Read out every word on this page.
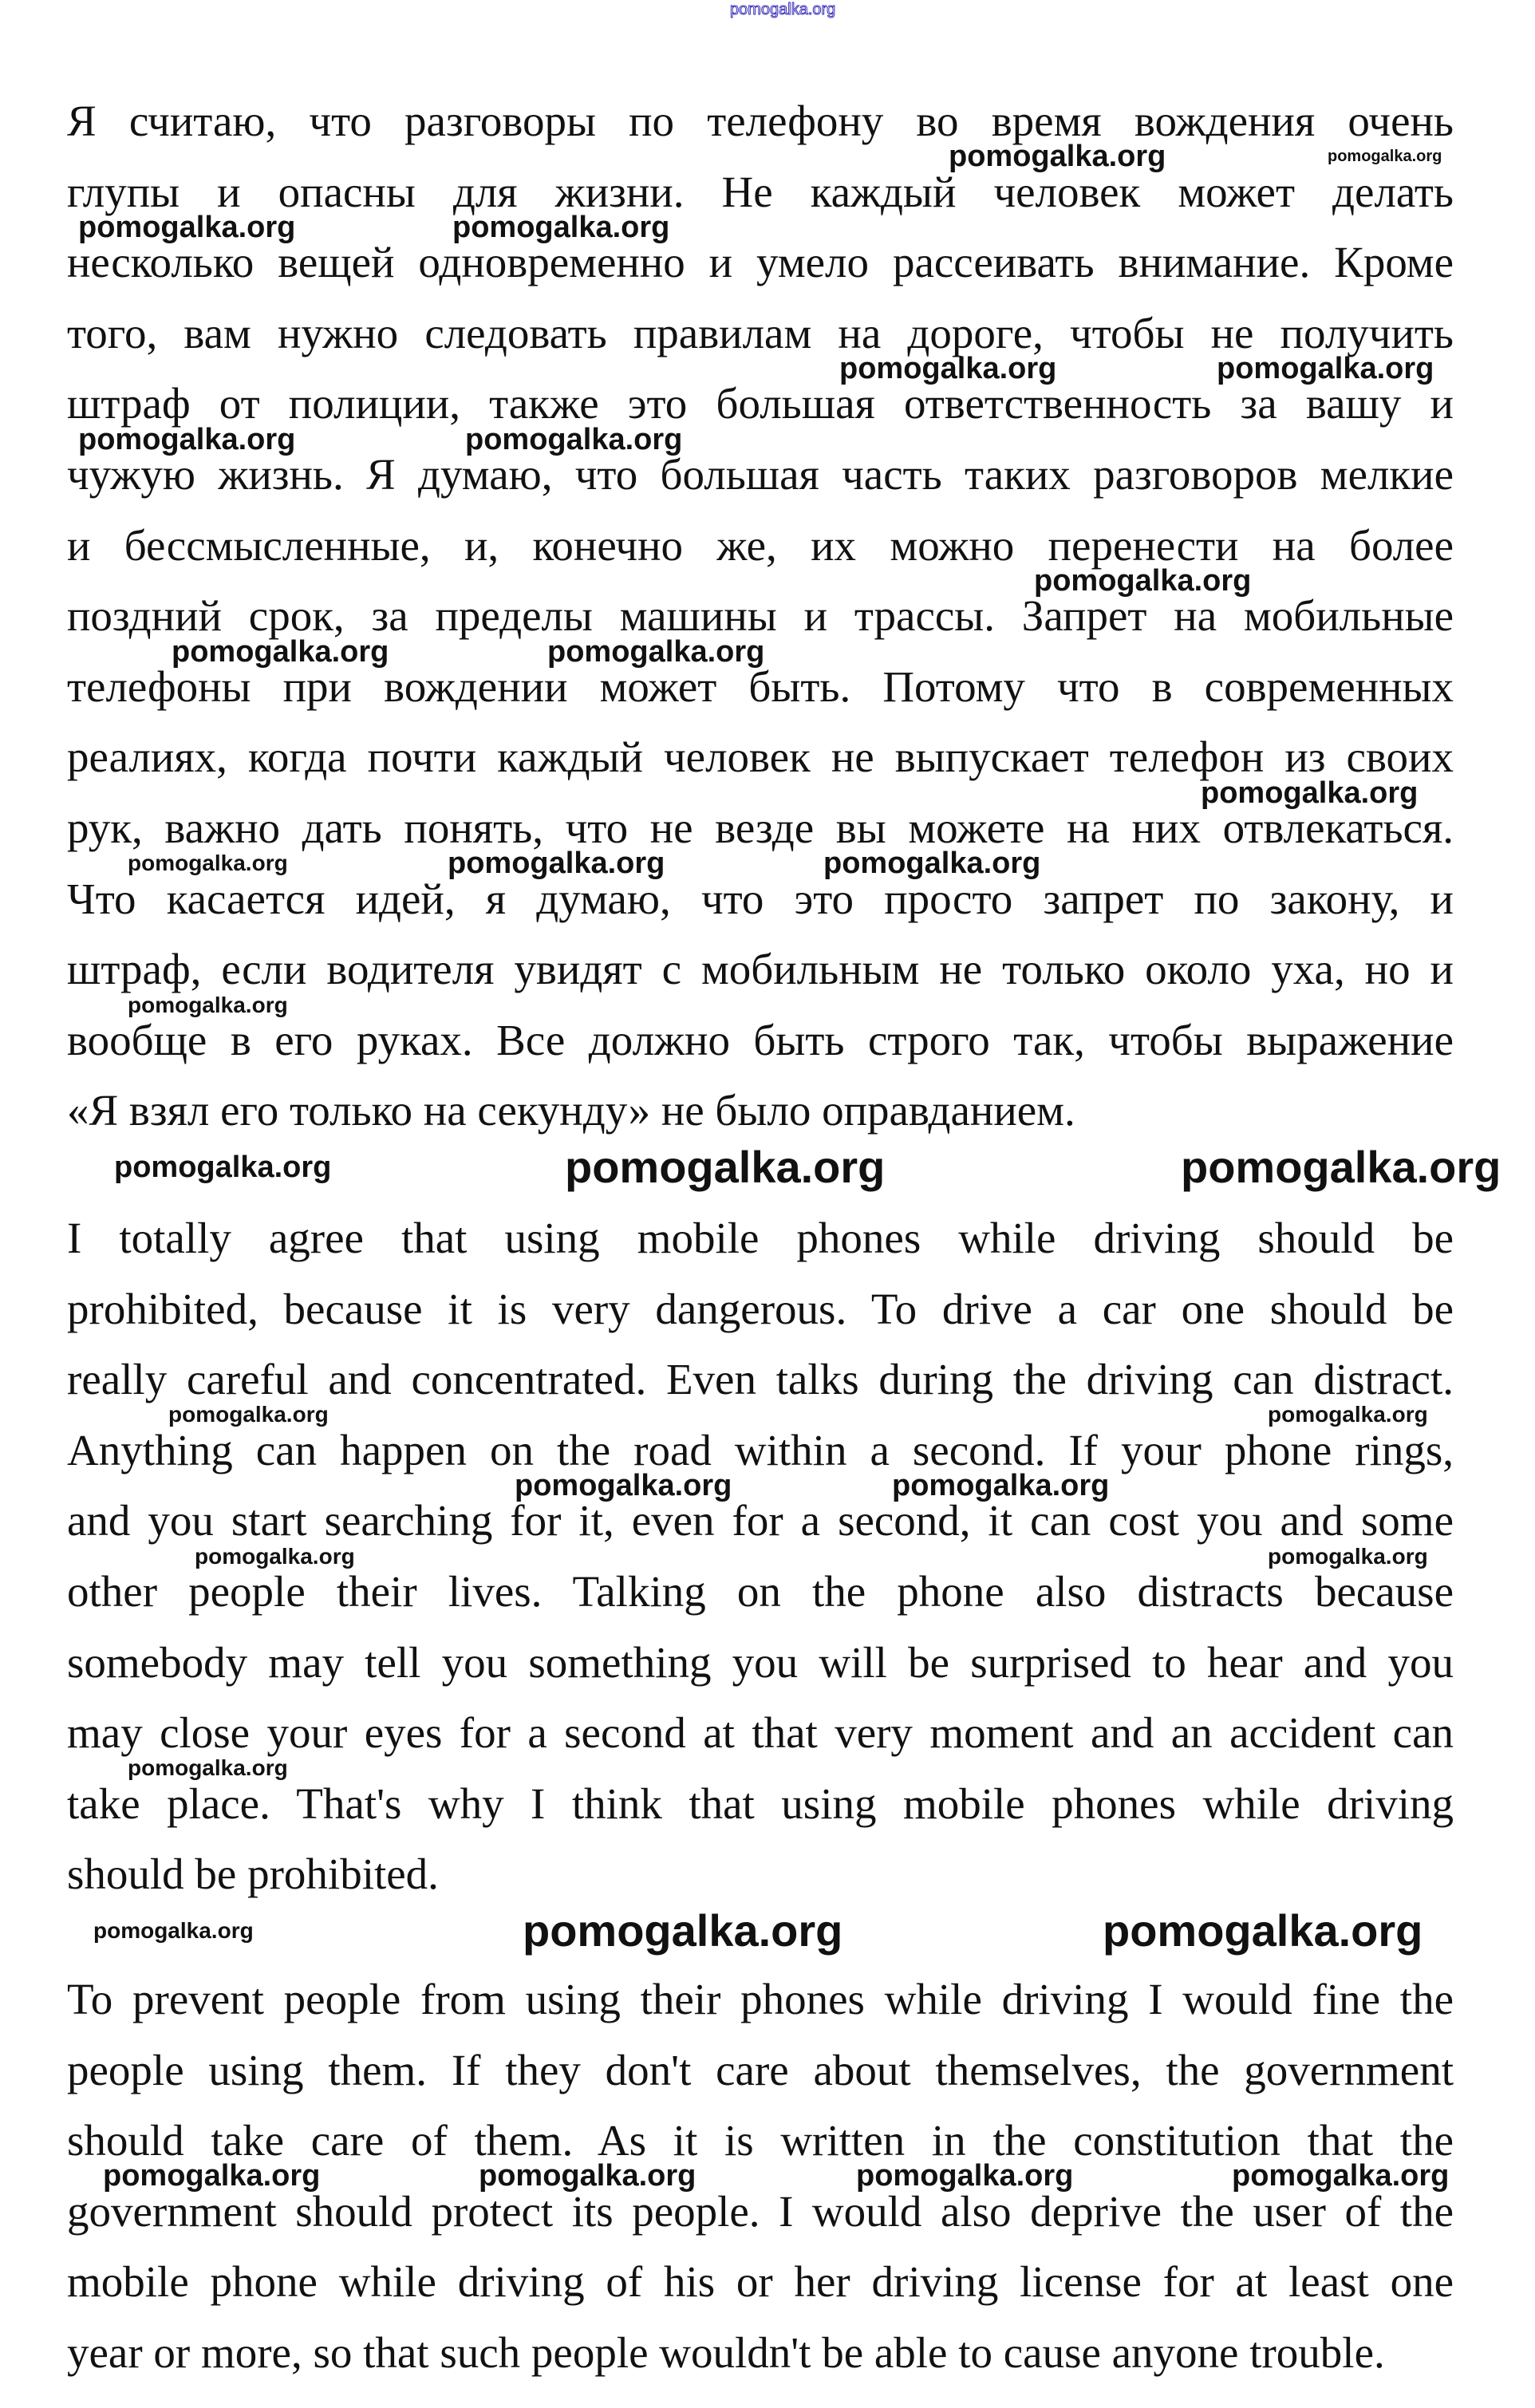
pomogalka.org
Я считаю, что разговоры по телефону во время вождения очень
глупы и опасны для жизни. Не каждый человек может делать
несколько вещей одновременно и умело рассеивать внимание. Кроме
того, вам нужно следовать правилам на дороге, чтобы не получить
штраф от полиции, также это большая ответственность за вашу и
чужую жизнь. Я думаю, что большая часть таких разговоров мелкие
и бессмысленные, и, конечно же, их можно перенести на более
поздний срок, за пределы машины и трассы. Запрет на мобильные
телефоны при вождении может быть. Потому что в современных
реалиях, когда почти каждый человек не выпускает телефон из своих
рук, важно дать понять, что не везде вы можете на них отвлекаться.
Что касается идей, я думаю, что это просто запрет по закону, и
штраф, если водителя увидят с мобильным не только около уха, но и
вообще в его руках. Все должно быть строго так, чтобы выражение
«Я взял его только на секунду» не было оправданием.
I totally agree that using mobile phones while driving should be
prohibited, because it is very dangerous. To drive a car one should be
really careful and concentrated. Even talks during the driving can distract.
Anything can happen on the road within a second. If your phone rings,
and you start searching for it, even for a second, it can cost you and some
other people their lives. Talking on the phone also distracts because
somebody may tell you something you will be surprised to hear and you
may close your eyes for a second at that very moment and an accident can
take place. That's why I think that using mobile phones while driving
should be prohibited.
To prevent people from using their phones while driving I would fine the
people using them. If they don't care about themselves, the government
should take care of them. As it is written in the constitution that the
government should protect its people. I would also deprive the user of the
mobile phone while driving of his or her driving license for at least one
year or more, so that such people wouldn't be able to cause anyone trouble.
pomogalka.org	pomogalka.org
pomogalka.org	pomogalka.org
pomogalka.org	pomogalka.org
pomogalka.org	pomogalka.org
pomogalka.org
pomogalka.org	pomogalka.org
pomogalka.org
pomogalka.org	pomogalka.org	pomogalka.org
pomogalka.org
pomogalka.org
pomogalka.org	pomogalka.org
pomogalka.org	pomogalka.org
pomogalka.org	pomogalka.org
pomogalka.org	pomogalka.org
pomogalka.org
pomogalka.org	pomogalka.org
pomogalka.org
pomogalka.org	pomogalka.org	pomogalka.org	pomogalka.org
